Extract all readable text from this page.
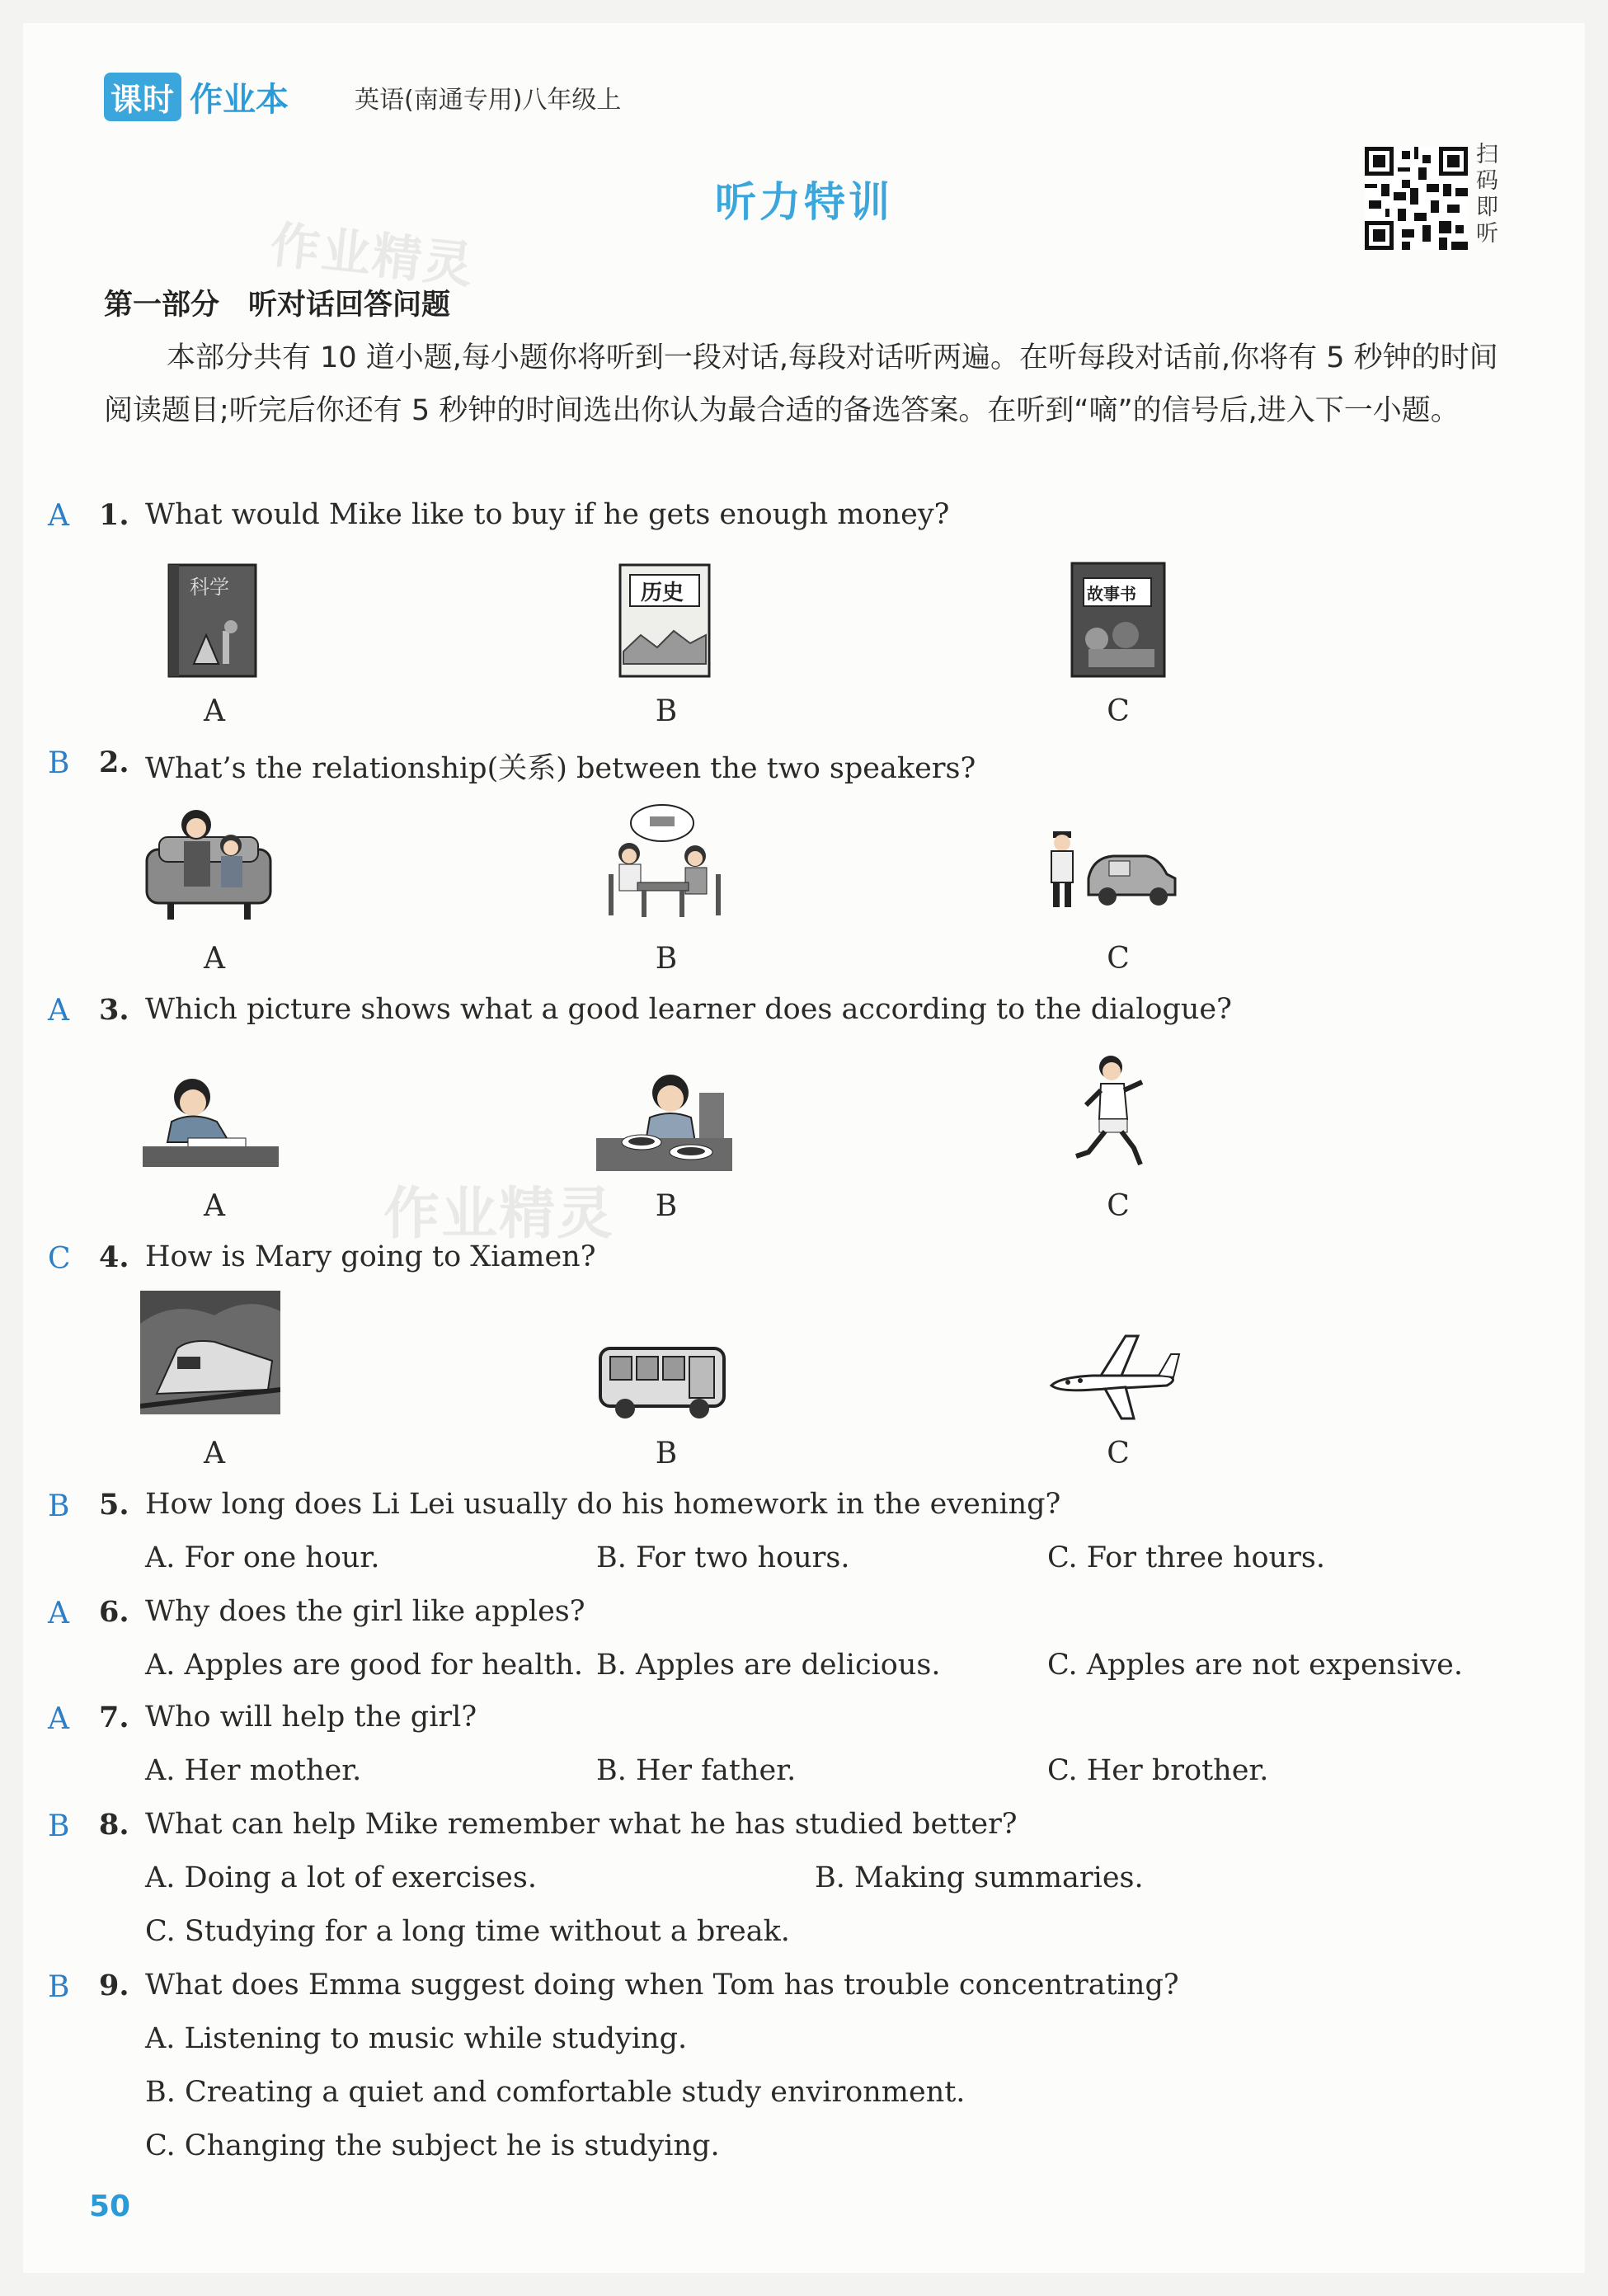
课时 作业本	英语(南通专用)八年级上
听力特训
扫码即听
作业精灵
作业精灵
第一部分　听对话回答问题
本部分共有 10 道小题,每小题你将听到一段对话,每段对话听两遍。在听每段对话前,你将有 5 秒钟的时间阅读题目;听完后你还有 5 秒钟的时间选出你认为最合适的备选答案。在听到“嘀”的信号后,进入下一小题。
A 1. What would Mike like to buy if he gets enough money?
科学	历史	故事书
A	B	C
B 2. What’s the relationship(关系) between the two speakers?
A	B	C
A 3. Which picture shows what a good learner does according to the dialogue?
A	B	C
C 4. How is Mary going to Xiamen?
A	B	C
B 5. How long does Li Lei usually do his homework in the evening?
A. For one hour.	B. For two hours.	C. For three hours.
A 6. Why does the girl like apples?
A. Apples are good for health. B. Apples are delicious.	C. Apples are not expensive.
A 7. Who will help the girl?
A. Her mother.	B. Her father.	C. Her brother.
B 8. What can help Mike remember what he has studied better?
A. Doing a lot of exercises.	B. Making summaries.
C. Studying for a long time without a break.
B 9. What does Emma suggest doing when Tom has trouble concentrating?
A. Listening to music while studying.
B. Creating a quiet and comfortable study environment.
C. Changing the subject he is studying.
50
